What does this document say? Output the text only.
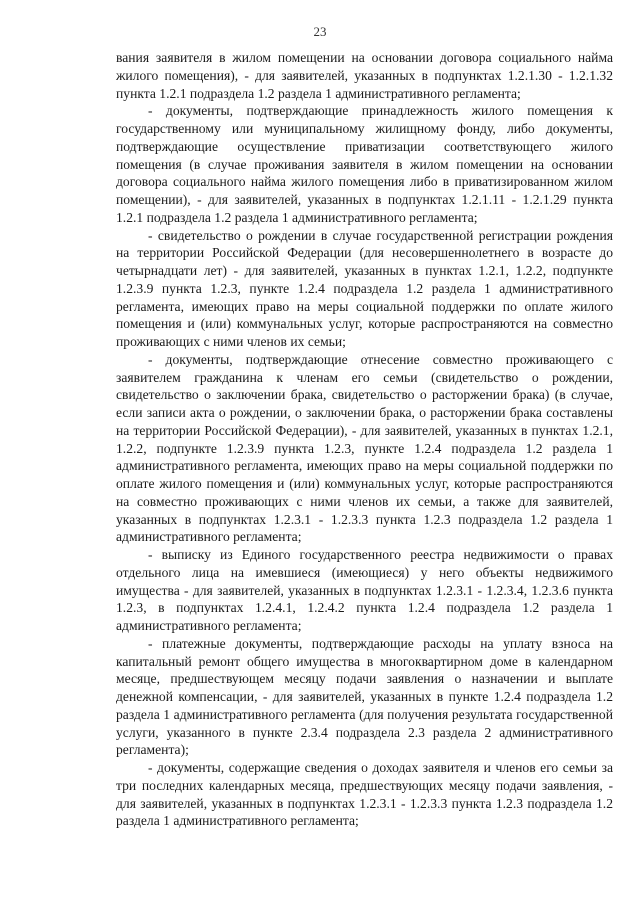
23

вания заявителя в жилом помещении на основании договора социального найма жилого помещения), - для заявителей, указанных в подпунктах 1.2.1.30 - 1.2.1.32 пункта 1.2.1 подраздела 1.2 раздела 1 административного регламента;

- документы, подтверждающие принадлежность жилого помещения к государственному или муниципальному жилищному фонду, либо документы, подтверждающие осуществление приватизации соответствующего жилого помещения (в случае проживания заявителя в жилом помещении на основании договора социального найма жилого помещения либо в приватизированном жилом помещении), - для заявителей, указанных в подпунктах 1.2.1.11 - 1.2.1.29 пункта 1.2.1 подраздела 1.2 раздела 1 административного регламента;

- свидетельство о рождении в случае государственной регистрации рождения на территории Российской Федерации (для несовершеннолетнего в возрасте до четырнадцати лет) - для заявителей, указанных в пунктах 1.2.1, 1.2.2, подпункте 1.2.3.9 пункта 1.2.3, пункте 1.2.4 подраздела 1.2 раздела 1 административного регламента, имеющих право на меры социальной поддержки по оплате жилого помещения и (или) коммунальных услуг, которые распространяются на совместно проживающих с ними членов их семьи;

- документы, подтверждающие отнесение совместно проживающего с заявителем гражданина к членам его семьи (свидетельство о рождении, свидетельство о заключении брака, свидетельство о расторжении брака) (в случае, если записи акта о рождении, о заключении брака, о расторжении брака составлены на территории Российской Федерации), - для заявителей, указанных в пунктах 1.2.1, 1.2.2, подпункте 1.2.3.9 пункта 1.2.3, пункте 1.2.4 подраздела 1.2 раздела 1 административного регламента, имеющих право на меры социальной поддержки по оплате жилого помещения и (или) коммунальных услуг, которые распространяются на совместно проживающих с ними членов их семьи, а также для заявителей, указанных в подпунктах 1.2.3.1 - 1.2.3.3 пункта 1.2.3 подраздела 1.2 раздела 1 административного регламента;

- выписку из Единого государственного реестра недвижимости о правах отдельного лица на имевшиеся (имеющиеся) у него объекты недвижимого имущества - для заявителей, указанных в подпунктах 1.2.3.1 - 1.2.3.4, 1.2.3.6 пункта 1.2.3, в подпунктах 1.2.4.1, 1.2.4.2 пункта 1.2.4 подраздела 1.2 раздела 1 административного регламента;

- платежные документы, подтверждающие расходы на уплату взноса на капитальный ремонт общего имущества в многоквартирном доме в календарном месяце, предшествующем месяцу подачи заявления о назначении и выплате денежной компенсации, - для заявителей, указанных в пункте 1.2.4 подраздела 1.2 раздела 1 административного регламента (для получения результата государственной услуги, указанного в пункте 2.3.4 подраздела 2.3 раздела 2 административного регламента);

- документы, содержащие сведения о доходах заявителя и членов его семьи за три последних календарных месяца, предшествующих месяцу подачи заявления, - для заявителей, указанных в подпунктах 1.2.3.1 - 1.2.3.3 пункта 1.2.3 подраздела 1.2 раздела 1 административного регламента;
